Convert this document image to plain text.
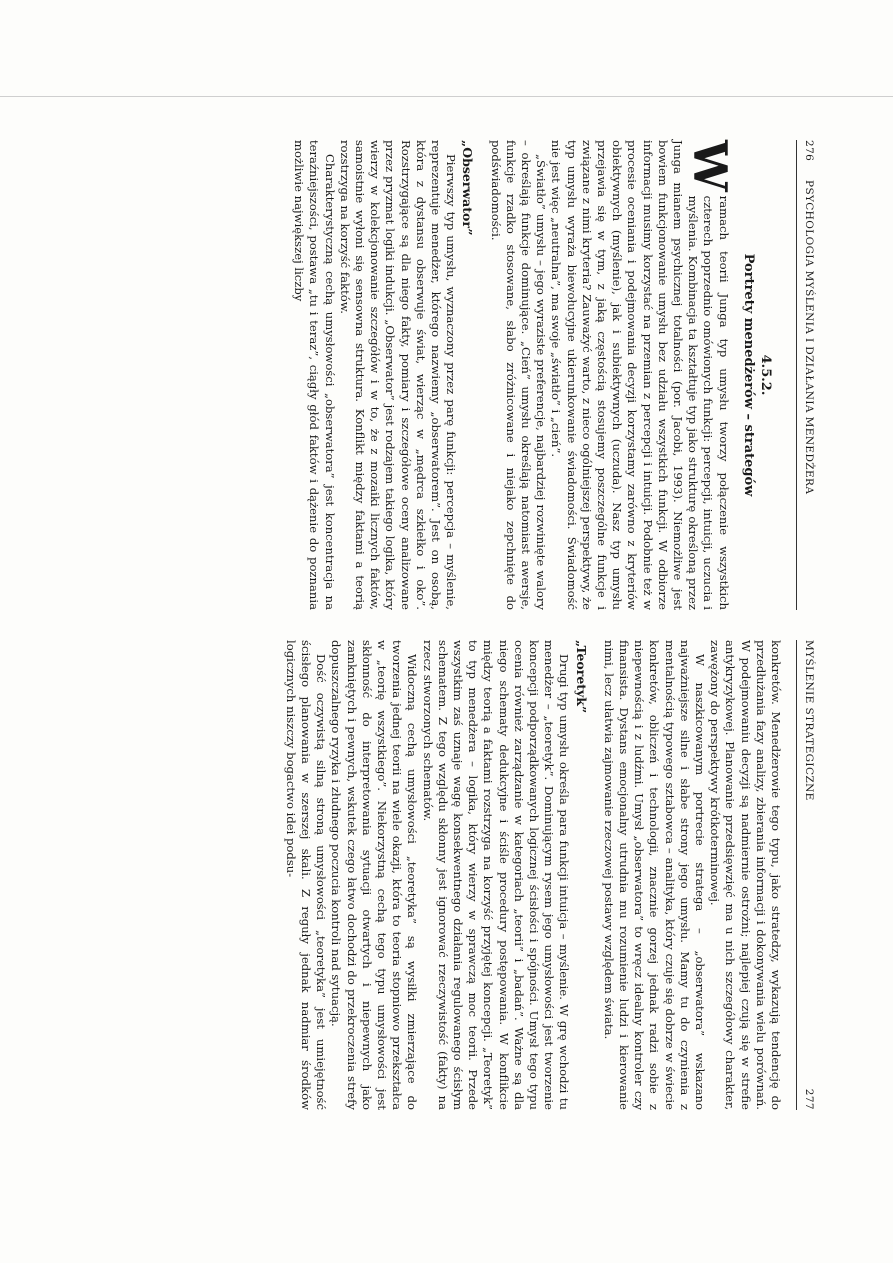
276
PSYCHOLOGIA MYŚLENIA I DZIAŁANIA MENEDŻERA
4.5.2.
Portrety menedżerów – strategów

W
ramach teorii Junga typ umysłu tworzy połączenie wszystkich czterech poprzednio omówionych funkcji: percepcji, intuicji, uczucia i myślenia. Kombinacja ta kształtuje typ jako strukturę określoną przez Junga mianem psychicznej totalności (por. Jacobi, 1993). Niemożliwe jest bowiem funkcjonowanie umysłu bez udziału wszystkich funkcji. W odbiorze informacji musimy korzystać na przemian z percepcji i intuicji. Podobnie też w procesie oceniania i podejmowania decyzji korzystamy zarówno z kryteriów obiektywnych (myślenie), jak i subiektywnych (uczuda). Nasz typ umysłu przejawia się w tym, z jaką częstością stosujemy poszczególne funkcje i związane z nimi kryteria? Zauważyć warto, z nieco ogólniejszej perspektywy, że typ umysłu wyraża biewołucyjne ukierunkowanie świadomości. Świadomość nie jest więc „neutralna”, ma swoje „światło” i „cień”.

„Światło” umysłu – jego wyraziste preferencje, najbardziej rozwinięte walory – określają funkcje dominujące. „Cień” umysłu określają natomiast awersje, funkcje rzadko stosowane, słabo zróżnicowane i niejako zepchnięte do podświadomości.

„Obserwator”

Pierwszy typ umysłu, wyznaczony przez parę funkcji: percepcja – myślenie, reprezentuje menedżer, którego nazwiemy „obserwatorem”. Jest on osobą, która z dystansu obserwuje świat, wierząc w „mędrca szkiełko i oko”. Rozstrzygające są dla niego fakty, pomiary i szczegółowe oceny analizowane przez pryzmat logiki indukcji. „Obserwator” jest rodzajem takiego logika, który wierzy w kolekcjonowanie szczegółów i w to, że z mozaiki licznych faktów, samoistnie wyłoni się sensowna struktura. Konflikt między faktami a teorią rozstrzyga na korzyść faktów.

Charakterystyczną cechą umysłowości „obserwatora” jest koncentracja na teraźniejszości, postawa „tu i teraz”, ciągły głód faktów i dążenie do poznania możliwie największej liczby

MYŚLENIE STRATEGICZNE
277

konkretów. Menedżerowie tego typu, jako stratedzy, wykazują tendencję do przedłużania fazy analizy, zbierania informacji i dokonywania wielu porównań. W podejmowaniu decyzji są nadmiernie ostrożni; najlepiej czują się w strefie antykryzykowej. Planowanie przedsięwzięć ma u nich szczegółowy charakter, zawężony do perspektywy krótkoterminowej.

W naszkicowanym portrecie stratega – „obserwatora” wskazano najważniejsze silne i słabe strony jego umysłu. Mamy tu do czynienia z mentalnością typowego sztabowca – analityka, który czuje się dobrze w świecie konkretów, obliczeń i technologii, znacznie gorzej jednak radzi sobie z niepewnością i z ludźmi. Umysł „obserwatora” to wręcz idealny kontroler czy finansista. Dystans emocjonalny utrudnia mu rozumienie ludzi i kierowanie nimi, lecz ułatwia zajmowanie rzeczowej postawy względem świata.

„Teoretyk”

Drugi typ umysłu określa para funkcji intuicja – myślenie. W grę wchodzi tu menedżer – „teoretyk”. Dominującym rysem jego umysłowości jest tworzenie koncepcji podporządkowanych logicznej ścisłości i spójności. Umysł tego typu ocenia również zarządzanie w kategoriach „teorii” i „badań”. Ważne są dla niego schematy dedukcyjne i ściśle procedury postępowania. W konflikcie między teorią a faktami rozstrzyga na korzyść przyjętej koncepcji. „Teoretyk” to typ menedżera – logika, który wierzy w sprawczą moc teorii. Przede wszystkim zaś uznaje wagę konsekwentnego działania regulowanego ścisłym schematem. Z tego względu skłonny jest ignorować rzeczywistość (fakty) na rzecz stworzonych schematów.

Widoczną cechą umysłowości „teoretyka” są wysiłki zmierzające do tworzenia jednej teorii na wiele okazji, która to teoria stopniowo przekształca w „teorię wszystkiego”. Niekorzystną cechą tego typu umysłowości jest skłonność do interpretowania sytuacji otwartych i niepewnych jako zamkniętych i pewnych, wskutek czego łatwo dochodzi do przekroczenia strefy dopuszczalnego ryzyka i złudnego poczucia kontroli nad sytuacją.

Dość oczywistą silną stroną umysłowości „teoretyka” jest umiejętność ścisłego planowania w szerszej skali. Z reguły jednak nadmiar środków logicznych niszczy bogactwo idei podsu-
